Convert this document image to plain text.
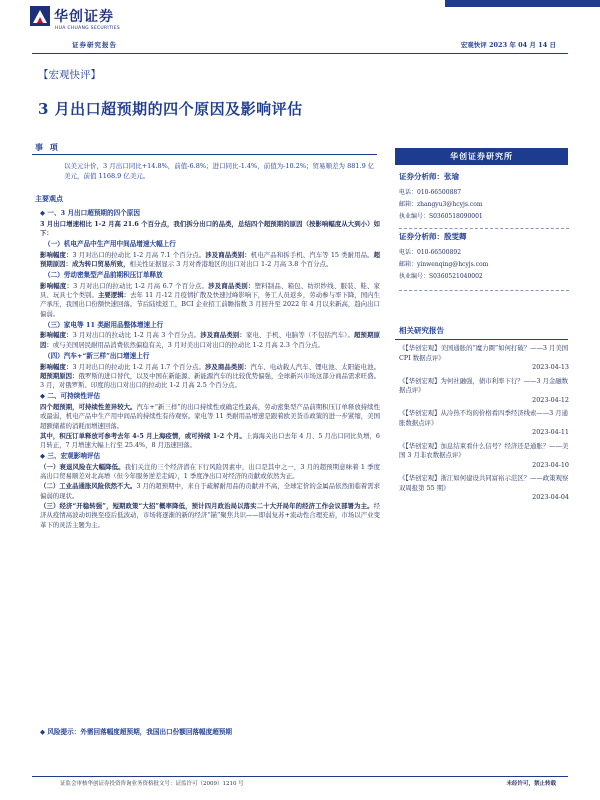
华创证券
HUA CHUANG SECURITIES
证券研究报告	宏观快评 2023 年 04 月 14 日
【宏观快评】
3 月出口超预期的四个原因及影响评估
事 项
以美元计价，3 月出口同比+14.8%，前值-6.8%；进口同比-1.4%，前值为-10.2%；贸易顺差为 881.9 亿美元，前值 1168.9 亿美元。
主要观点
◆ 一、3 月出口超预期的四个原因

3 月出口增速相比 1-2 月高 21.6 个百分点，我们拆分出口的品类，总结四个超预期的原因（按影响幅度从大到小）如下：

（一）机电产品中生产用中间品增速大幅上行

影响幅度：3 月对出口的拉动比 1-2 月高 7.1 个百分点。涉及商品类别：机电产品和拆手机、汽车等 15 类耐用品。超预期原因：成为转口贸易所致，相关性证据显示 3 月对香港地区的出口对出口 1-2 月高 3.8 个百分点。

（二）劳动密集型产品前期积压订单释放

影响幅度：3 月对出口的拉动比 1-2 月高 6.7 个百分点。涉及商品类别：塑料制品、箱包、纺织纱线、服装、鞋、家具、玩具七个类别。主要逻辑：去年 11 月-12 月疫情扩散及快速过峰影响下，务工人员返乡，劳动参与率下降，国内生产承压，我国出口份额快速回落。节后陆续返工，BCI 企业招工前瞻指数 3 月回升至 2022 年 4 月以来新高，趋向出口偏弱。

（三）家电等 11 类耐用品整体增速上行

影响幅度：3 月对出口的拉动比 1-2 月高 3 个百分点。涉及商品类别：家电、手机、电脑等（不包括汽车）。超预期原因：或与美国居民耐用品消费依然偏稳有关，3 月对美出口对出口的拉动比 1-2 月高 2.3 个百分点。

（四）汽车+“新三样”出口增速上行

影响幅度：3 月对出口的拉动比 1-2 月高 1.7 个百分点。涉及商品类别：汽车、电动载人汽车、锂电池、太阳能电池。超预期原因：俄罗斯的进口替代，以及中国在新能源、新能源汽车的比较优势偏强，全球新兴市场这部分商品需求旺盛。3 月，对俄罗斯、印度的出口对出口的拉动比 1-2 月高 2.5 个百分点。

◆ 二、可持续性评估

四个超预期，可持续性差异较大。汽车+“新三样”的出口持续性或确定性最高，劳动密集型产品前期积压订单释放持续性或最弱，机电产品中生产用中间品的持续性有待观察。家电等 11 类耐用品增速是跟着欧美货币政策的进一步紧缩，美国超额储蓄的消耗而增速回落。

其中，积压订单释放可参考去年 4-5 月上海疫情，或可持续 1-2 个月。上海海关出口去年 4 月、5 月出口同比负增，6 月转正，7 月增速大幅上行至 25.4%，8 月迅速回落。

◆ 三、宏观影响评估

（一）衰退风险在大幅降低。我们关注的三个经济潜在下行风险因素中，出口是其中之一，3 月的超预期意味着 1 季度高出口贸易顺差对北高增（但今年服务逆差走阔），1 季度净出口对经济的贡献或依然为正。

（二）工业品通胀风险依然不大。3 月的超预期中，来自于疏解耐用品的贡献并不高，全球定价的金属品依然面临着需求偏弱的现状。

（三）经济“开稳转强”，短期政策“大招”概率降低，预计四月政治局以落实二十大开局年的经济工作会议部署为主。经济从疫情高波动切换至疫后低波动，市场将逐渐的新的经济“锚”聚焦共识——即弱复苏+流动性合理充裕，市场以产业变革下的灵活主题为主。

◆ 风险提示：外需回落幅度超预期，我国出口份额回落幅度超预期
华创证券研究所
证券分析师：张瑜
电话：010-66500887
邮箱：zhangyu3@hcyjs.com
执业编号：S0360518090001
证券分析师：殷雯卿
电话：010-66500892
邮箱：yinwenqing@hcyjs.com
执业编号：S0360521040002
相关研究报告
《【华创宏观】美国通胀的“魔力圈”如何打破？——3 月美国 CPI 数据点评》
2023-04-13
《【华创宏观】为何社融强，债市利率下行？——3 月金融数据点评》
2023-04-12
《【华创宏观】从冷热不均的价格看四季经济线索——3 月通胀数据点评》
2023-04-11
《【华创宏观】加息结束看什么信号？经济还是通胀？——美国 3 月非农数据点评》
2023-04-10
《【华创宏观】浙江如何建设共同富裕示范区？——政策观察双周报第 55 期》
2023-04-04
证监会审核华创证券投资咨询业务资格批文号：证监许可（2009）1210 号	未经许可，禁止转载
